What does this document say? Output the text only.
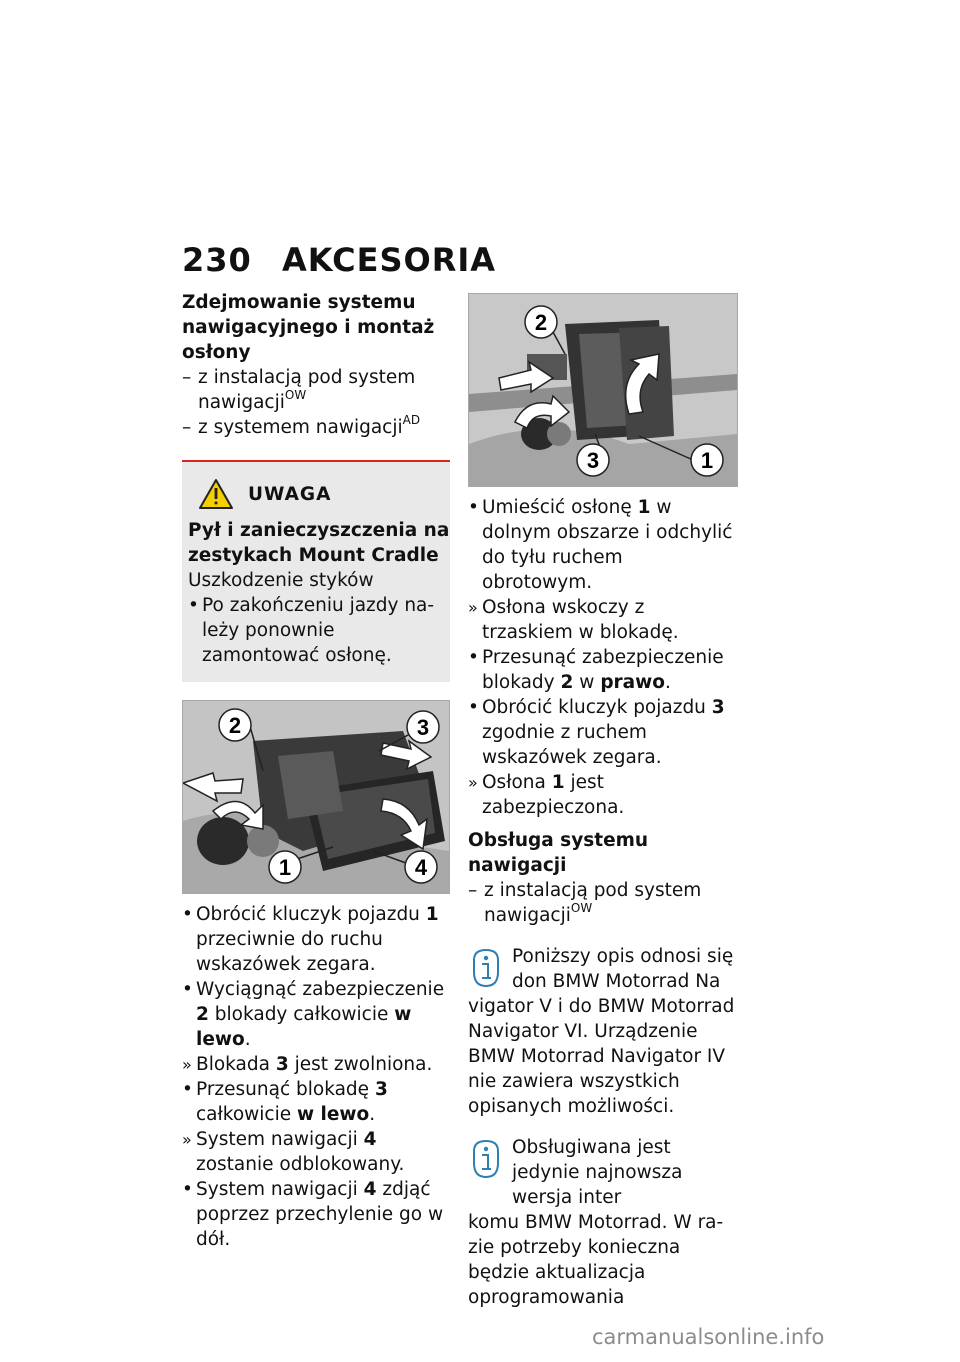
230 AKCESORIA
Zdejmowanie systemu nawigacyjnego i montaż osłony

– z instalacją pod system nawigacji$^{OW}$

– z systemem nawigacji$^{AD}$

UWAGA
Pył i zanieczyszczenia na zestykach Mount Cradle

Uszkodzenie styków

•
Po zakończeniu jazdy należy ponownie zamontować osłonę.
2	3
1	4
•
Obrócić kluczyk pojazdu 1 przeciwnie do ruchu wskazówek zegara.
•
Wyciągnąć zabezpieczenie 2 blokady całkowicie w lewo.
»
Blokada 3 jest zwolniona.
•
Przesunąć blokadę 3 całkowicie w lewo.
»
System nawigacji 4 zostanie odblokowany.
•
System nawigacji 4 zdjąć poprzez przechylenie go w dół.
2
3	1
•
Umieścić osłonę 1 w dolnym obszarze i odchylić do tyłu ruchem obrotowym.
»
Osłona wskoczy z trzaskiem w blokadę.
•
Przesunąć zabezpieczenie blokady 2 w prawo.
•
Obrócić kluczyk pojazdu 3 zgodnie z ruchem wskazówek zegara.
»
Osłona 1 jest zabezpieczona.
Obsługa systemu nawigacji

– z instalacją pod system nawigacji$^{OW}$

Poniższy opis odnosi się don BMW Motorrad Na

vigator V i do BMW Motorrad Navigator VI. Urządzenie BMW Motorrad Navigator IV nie zawiera wszystkich opisanych możliwości.

Obsługiwana jest jedynie najnowsza wersja inter

komu BMW Motorrad. W razie potrzeby konieczna będzie aktualizacja oprogramowania

carmanualsonline.info
